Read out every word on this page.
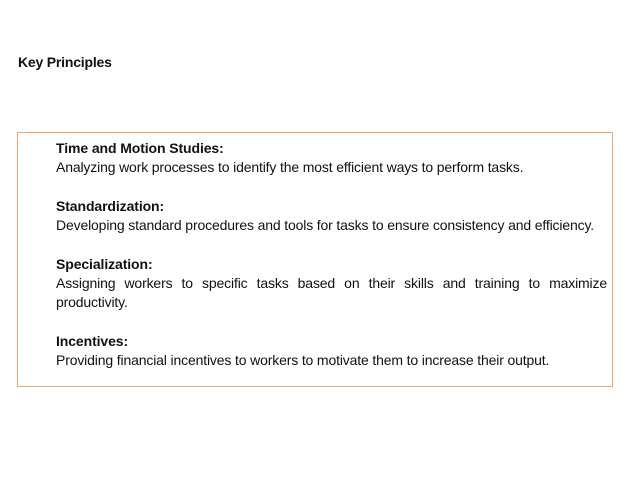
Key Principles
Time and Motion Studies:
Analyzing work processes to identify the most efficient ways to perform tasks.
Standardization:
Developing standard procedures and tools for tasks to ensure consistency and efficiency.
Specialization:
Assigning workers to specific tasks based on their skills and training to maximize productivity.
Incentives:
Providing financial incentives to workers to motivate them to increase their output.
